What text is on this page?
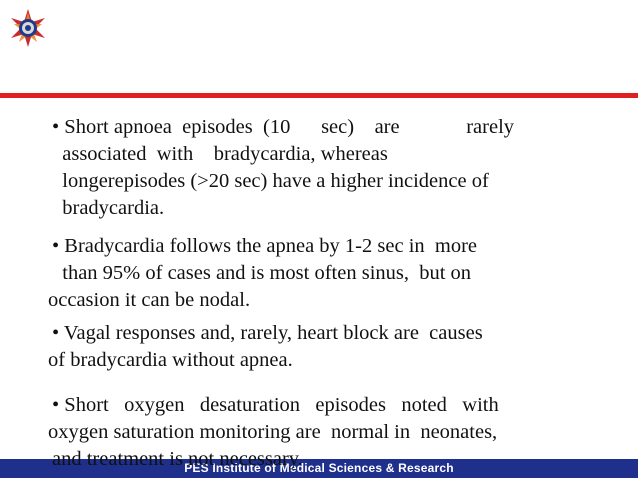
• Short apnoea  episodes  (10      sec)    are             rarely
associated  with    bradycardia, whereas
longerepisodes (>20 sec) have a higher incidence of
bradycardia.
• Bradycardia follows the apnea by 1-2 sec in  more
than 95% of cases and is most often sinus,  but on
occasion it can be nodal.
• Vagal responses and, rarely, heart block are  causes
of bradycardia without apnea.
• Short   oxygen   desaturation   episodes   noted   with
oxygen saturation monitoring are  normal in  neonates,
PES Institute of Medical Sciences & Research
and treatment is not necessary.
